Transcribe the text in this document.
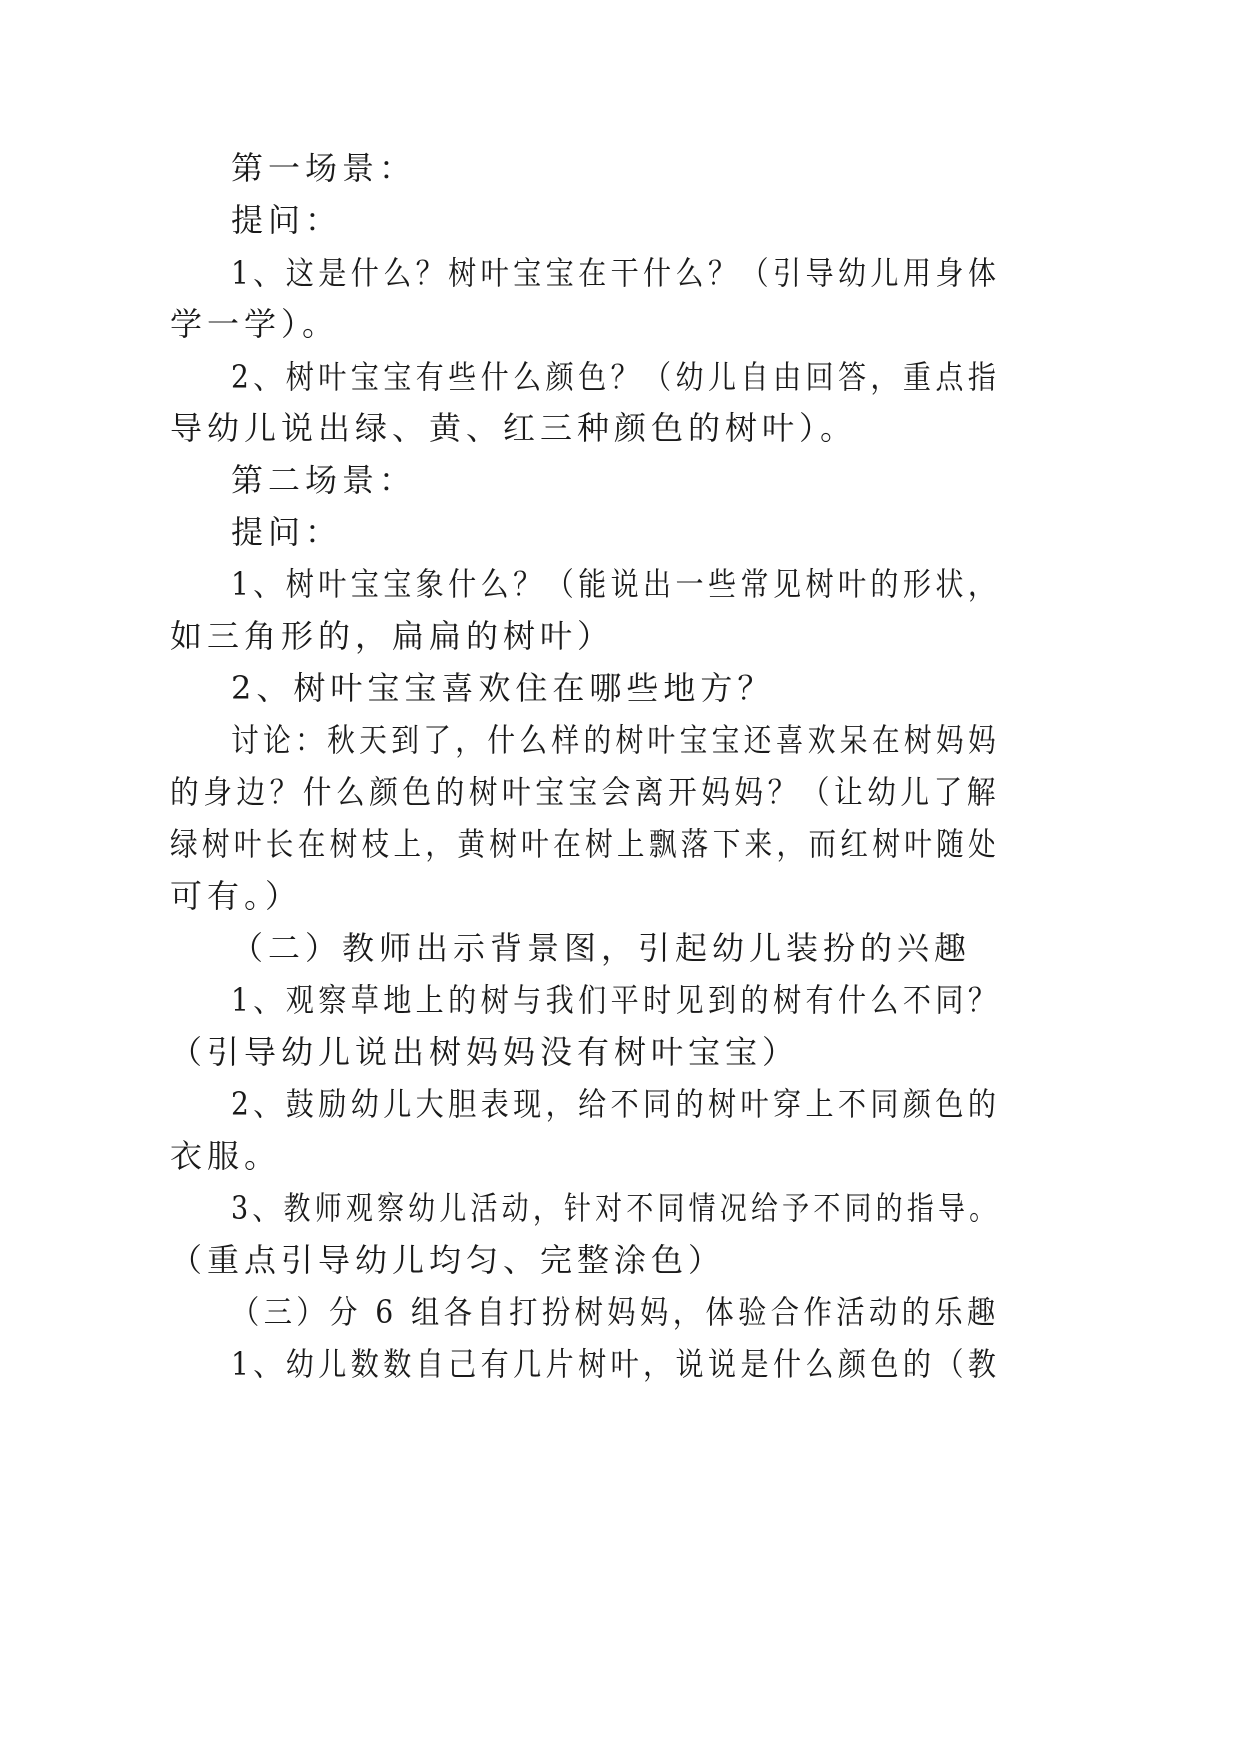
第一场景：
提问：
1、这是什么？树叶宝宝在干什么？（引导幼儿用身体
学一学）。
2、树叶宝宝有些什么颜色？（幼儿自由回答，重点指
导幼儿说出绿、黄、红三种颜色的树叶）。
第二场景：
提问：
1、树叶宝宝象什么？（能说出一些常见树叶的形状，
如三角形的，扁扁的树叶）
2、树叶宝宝喜欢住在哪些地方？
讨论：秋天到了，什么样的树叶宝宝还喜欢呆在树妈妈
的身边？什么颜色的树叶宝宝会离开妈妈？（让幼儿了解
绿树叶长在树枝上，黄树叶在树上飘落下来，而红树叶随处
可有。）
（二）教师出示背景图，引起幼儿装扮的兴趣
1、观察草地上的树与我们平时见到的树有什么不同？
（引导幼儿说出树妈妈没有树叶宝宝）
2、鼓励幼儿大胆表现，给不同的树叶穿上不同颜色的
衣服。
3、教师观察幼儿活动，针对不同情况给予不同的指导。
（重点引导幼儿均匀、完整涂色）
（三）分 6 组各自打扮树妈妈，体验合作活动的乐趣
1、幼儿数数自己有几片树叶，说说是什么颜色的（教
